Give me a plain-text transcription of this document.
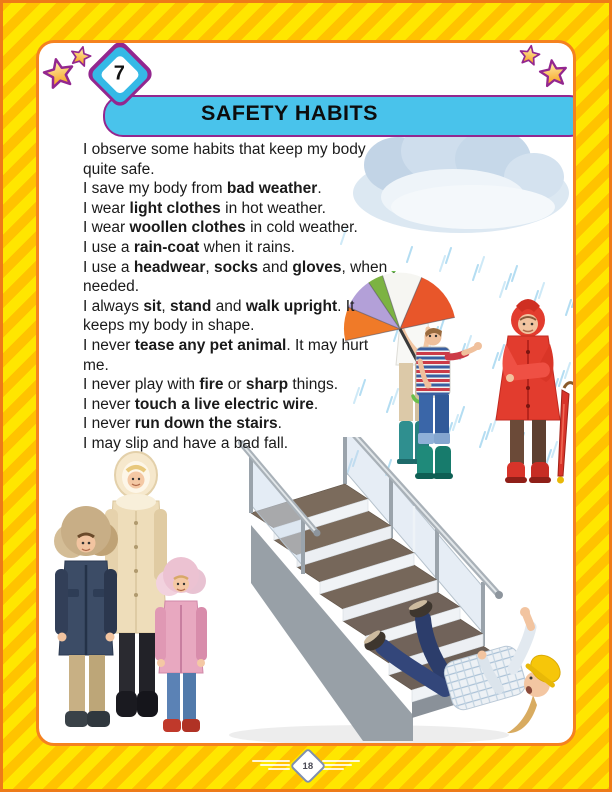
SAFETY HABITS
7
I observe some habits that keep my body quite safe.
I save my body from bad weather.
I wear light clothes in hot weather.
I wear woollen clothes in cold weather.
I use a rain-coat when it rains.
I use a headwear, socks and gloves, when needed.
I always sit, stand and walk upright. It keeps my body in shape.
I never tease any pet animal. It may hurt me.
I never play with fire or sharp things.
I never touch a live electric wire.
I never run down the stairs.
I may slip and have a bad fall.
18
